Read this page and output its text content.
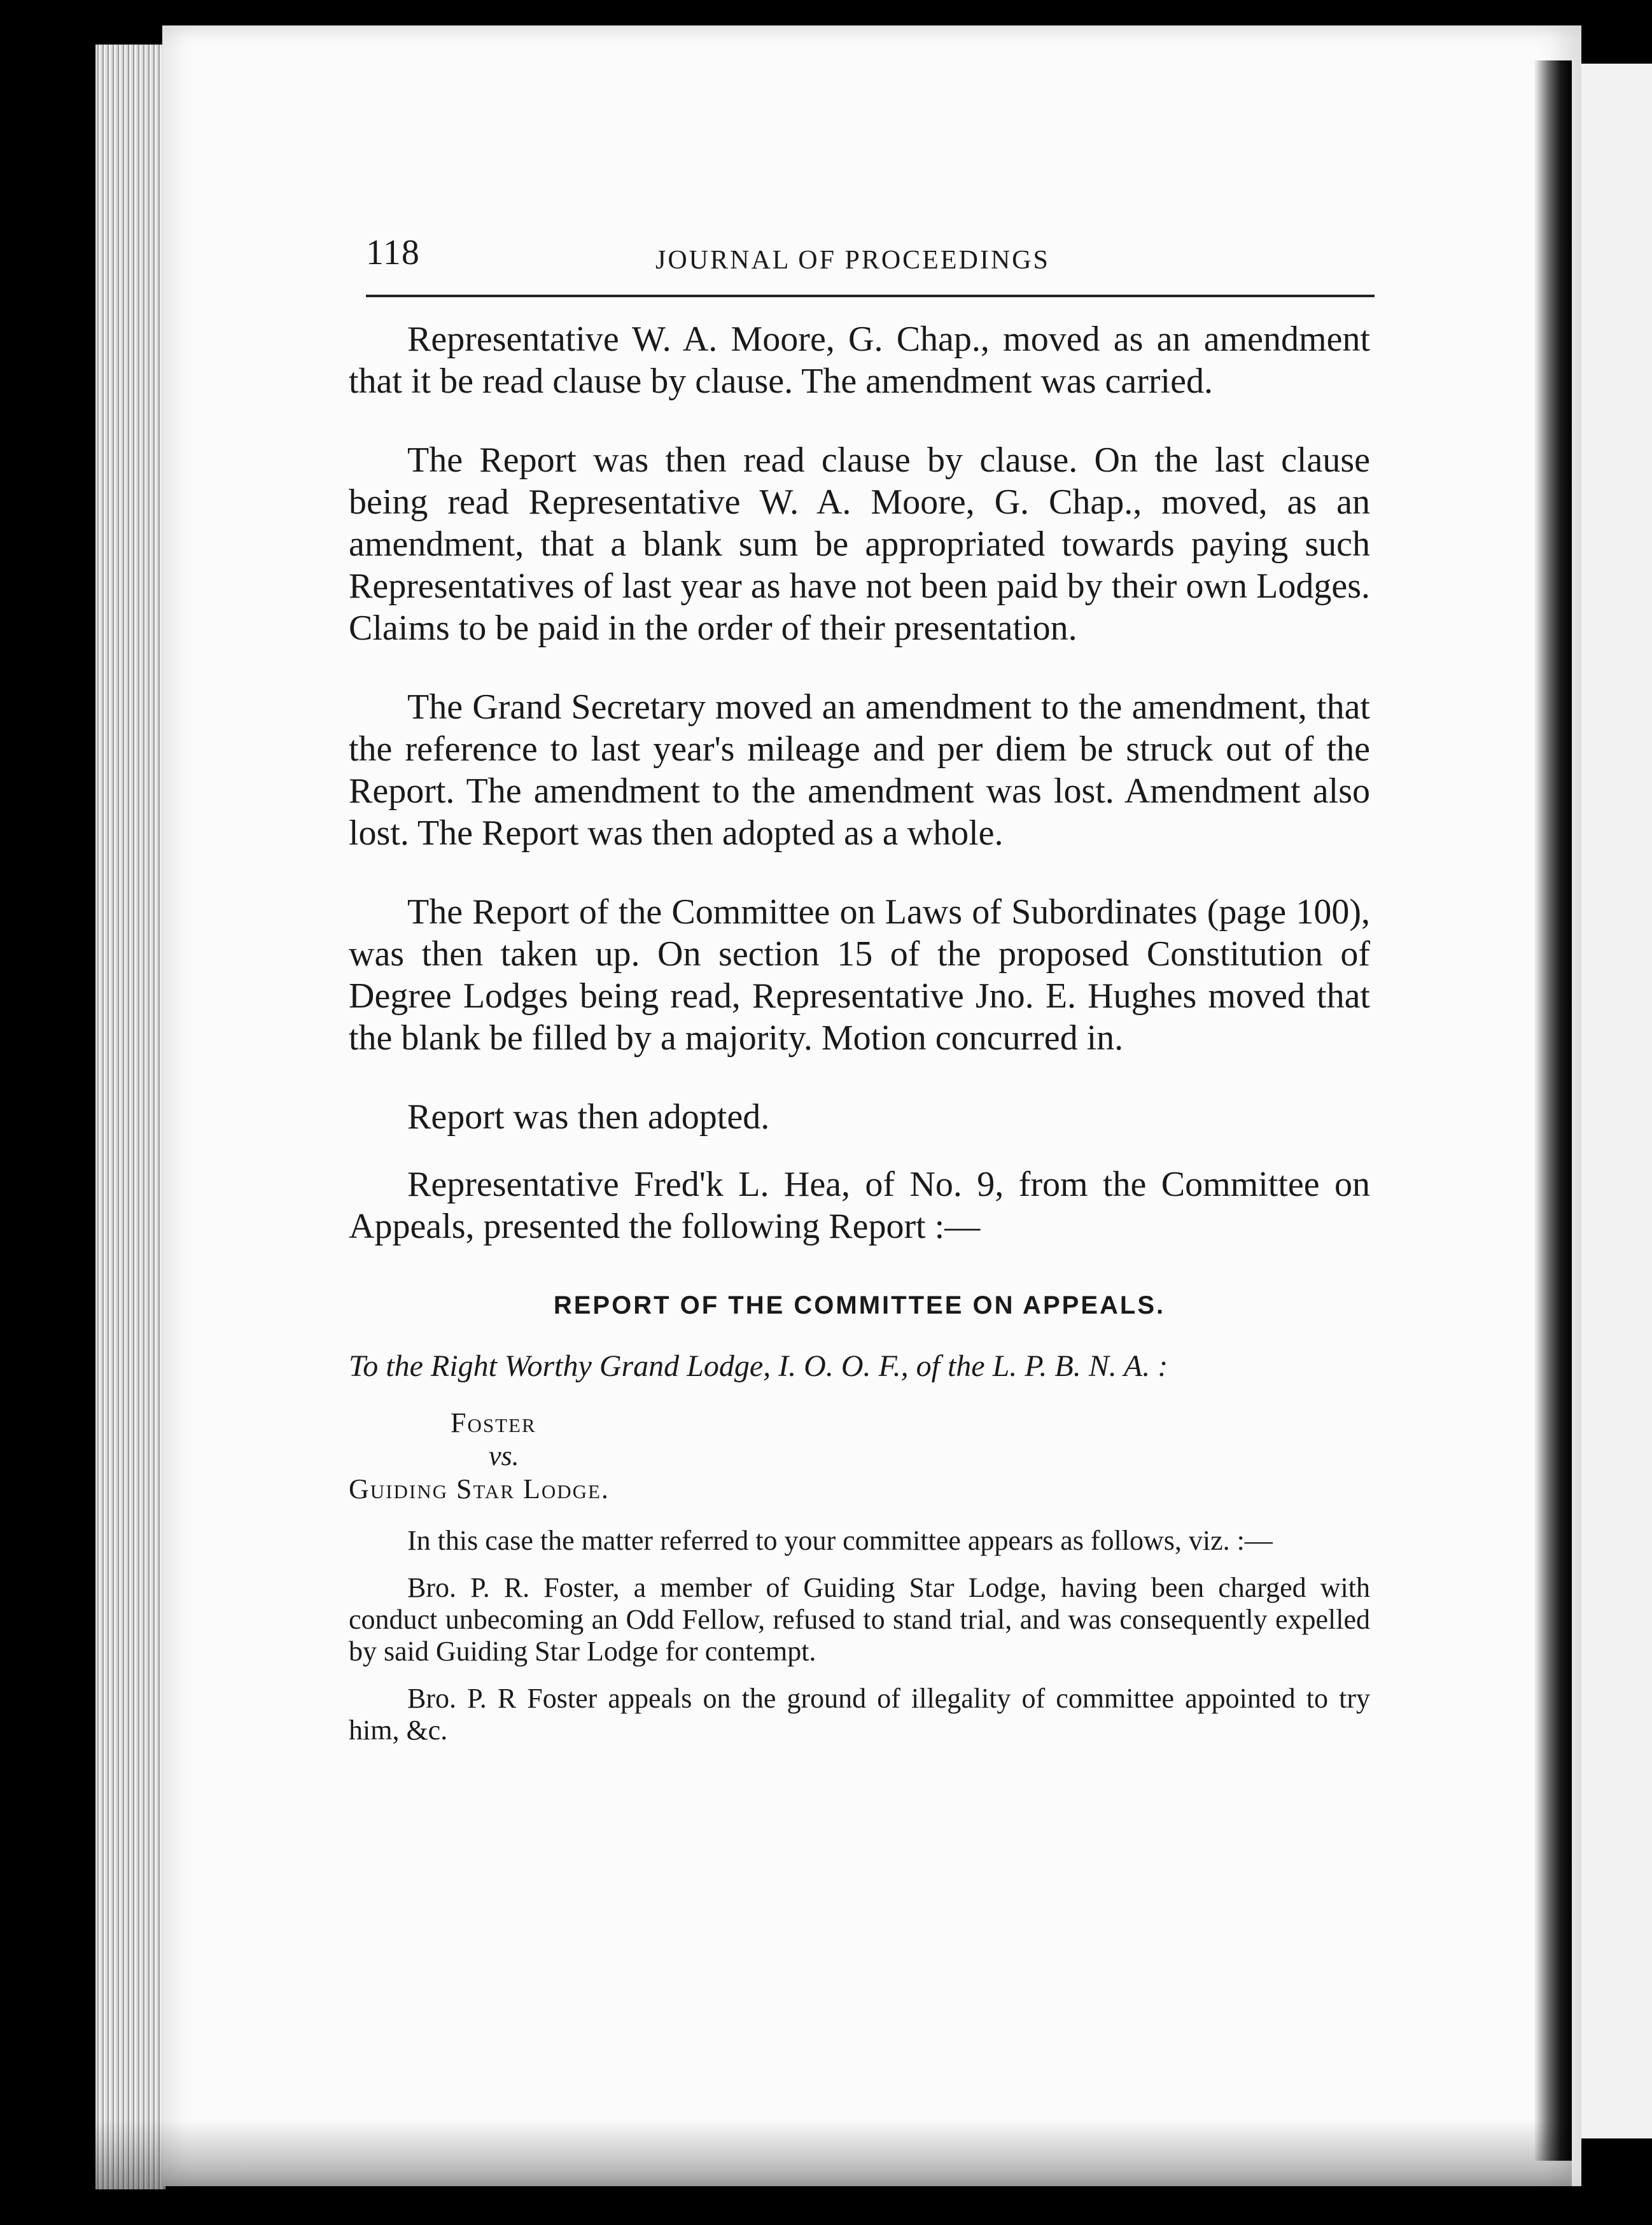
118	JOURNAL OF PROCEEDINGS

Representative W. A. Moore, G. Chap., moved as an amendment that it be read clause by clause. The amendment was carried.

The Report was then read clause by clause. On the last clause being read Representative W. A. Moore, G. Chap., moved, as an amendment, that a blank sum be appropriated towards paying such Representatives of last year as have not been paid by their own Lodges. Claims to be paid in the order of their presentation.

The Grand Secretary moved an amendment to the amendment, that the reference to last year's mileage and per diem be struck out of the Report. The amendment to the amendment was lost. Amendment also lost. The Report was then adopted as a whole.

The Report of the Committee on Laws of Subordinates (page 100), was then taken up. On section 15 of the proposed Constitution of Degree Lodges being read, Representative Jno. E. Hughes moved that the blank be filled by a majority. Motion concurred in.

Report was then adopted.

Representative Fred'k L. Hea, of No. 9, from the Committee on Appeals, presented the following Report :—

REPORT OF THE COMMITTEE ON APPEALS.

To the Right Worthy Grand Lodge, I. O. O. F., of the L. P. B. N. A. :

Foster
vs.
Guiding Star Lodge.

In this case the matter referred to your committee appears as follows, viz. :—

Bro. P. R. Foster, a member of Guiding Star Lodge, having been charged with conduct unbecoming an Odd Fellow, refused to stand trial, and was consequently expelled by said Guiding Star Lodge for contempt.

Bro. P. R Foster appeals on the ground of illegality of committee appointed to try him, &c.
